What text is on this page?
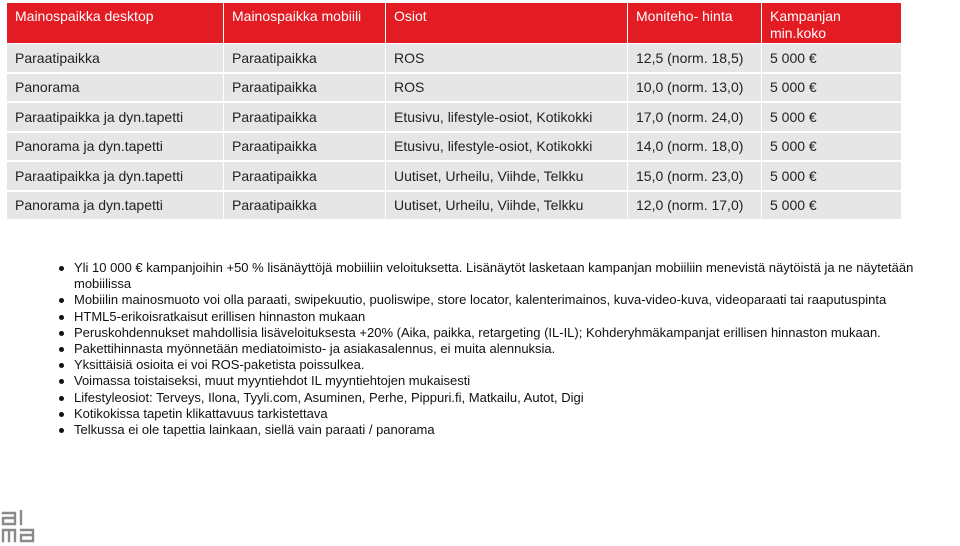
Mainospaikka desktop	Mainospaikka mobiili	Osiot	Moniteho- hinta	Kampanjan min.koko
Paraatipaikka	Paraatipaikka	ROS	12,5 (norm. 18,5)	5 000 €
Panorama	Paraatipaikka	ROS	10,0 (norm. 13,0)	5 000 €
Paraatipaikka ja dyn.tapetti	Paraatipaikka	Etusivu, lifestyle-osiot, Kotikokki	17,0 (norm. 24,0)	5 000 €
Panorama ja dyn.tapetti	Paraatipaikka	Etusivu, lifestyle-osiot, Kotikokki	14,0 (norm. 18,0)	5 000 €
Paraatipaikka ja dyn.tapetti	Paraatipaikka	Uutiset, Urheilu, Viihde, Telkku	15,0 (norm. 23,0)	5 000 €
Panorama ja dyn.tapetti	Paraatipaikka	Uutiset, Urheilu, Viihde, Telkku	12,0 (norm. 17,0)	5 000 €
Yli 10 000 € kampanjoihin +50 % lisänäyttöjä mobiiliin veloituksetta. Lisänäytöt lasketaan kampanjan mobiiliin menevistä näytöistä ja ne näytetään mobiilissa
Mobiilin mainosmuoto voi olla paraati, swipekuutio, puoliswipe, store locator, kalenterimainos, kuva-video-kuva, videoparaati tai raaputuspinta
HTML5-erikoisratkaisut erillisen hinnaston mukaan
Peruskohdennukset mahdollisia lisäveloituksesta +20% (Aika, paikka, retargeting (IL-IL); Kohderyhmäkampanjat erillisen hinnaston mukaan.
Pakettihinnasta myönnetään mediatoimisto- ja asiakasalennus, ei muita alennuksia.
Yksittäisiä osioita ei voi ROS-paketista poissulkea.
Voimassa toistaiseksi, muut myyntiehdot IL myyntiehtojen mukaisesti
Lifestyleosiot: Terveys, Ilona, Tyyli.com, Asuminen, Perhe, Pippuri.fi, Matkailu, Autot, Digi
Kotikokissa tapetin klikattavuus tarkistettava
Telkussa ei ole tapettia lainkaan, siellä vain paraati / panorama
